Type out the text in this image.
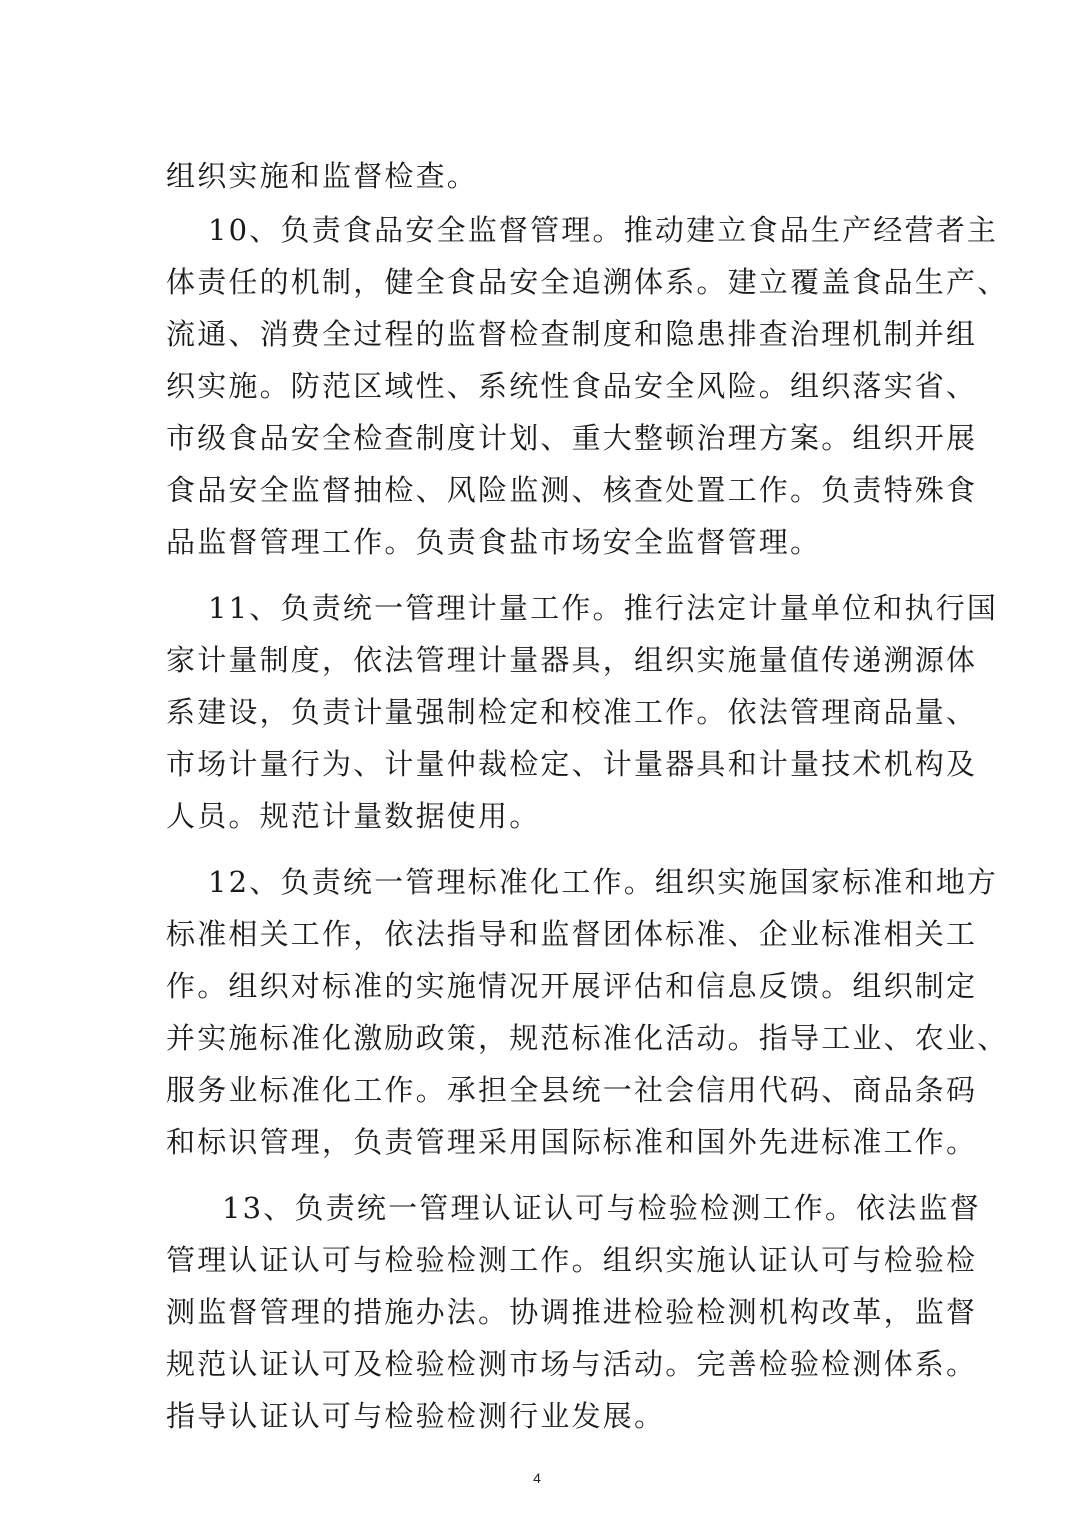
组织实施和监督检查。
10、负责食品安全监督管理。推动建立食品生产经营者主
体责任的机制，健全食品安全追溯体系。建立覆盖食品生产、
流通、消费全过程的监督检查制度和隐患排查治理机制并组
织实施。防范区域性、系统性食品安全风险。组织落实省、
市级食品安全检查制度计划、重大整顿治理方案。组织开展
食品安全监督抽检、风险监测、核查处置工作。负责特殊食
品监督管理工作。负责食盐市场安全监督管理。
11、负责统一管理计量工作。推行法定计量单位和执行国
家计量制度，依法管理计量器具，组织实施量值传递溯源体
系建设，负责计量强制检定和校准工作。依法管理商品量、
市场计量行为、计量仲裁检定、计量器具和计量技术机构及
人员。规范计量数据使用。
12、负责统一管理标准化工作。组织实施国家标准和地方
标准相关工作，依法指导和监督团体标准、企业标准相关工
作。组织对标准的实施情况开展评估和信息反馈。组织制定
并实施标准化激励政策，规范标准化活动。指导工业、农业、
服务业标准化工作。承担全县统一社会信用代码、商品条码
和标识管理，负责管理采用国际标准和国外先进标准工作。
13、负责统一管理认证认可与检验检测工作。依法监督
管理认证认可与检验检测工作。组织实施认证认可与检验检
测监督管理的措施办法。协调推进检验检测机构改革，监督
规范认证认可及检验检测市场与活动。完善检验检测体系。
指导认证认可与检验检测行业发展。
4
